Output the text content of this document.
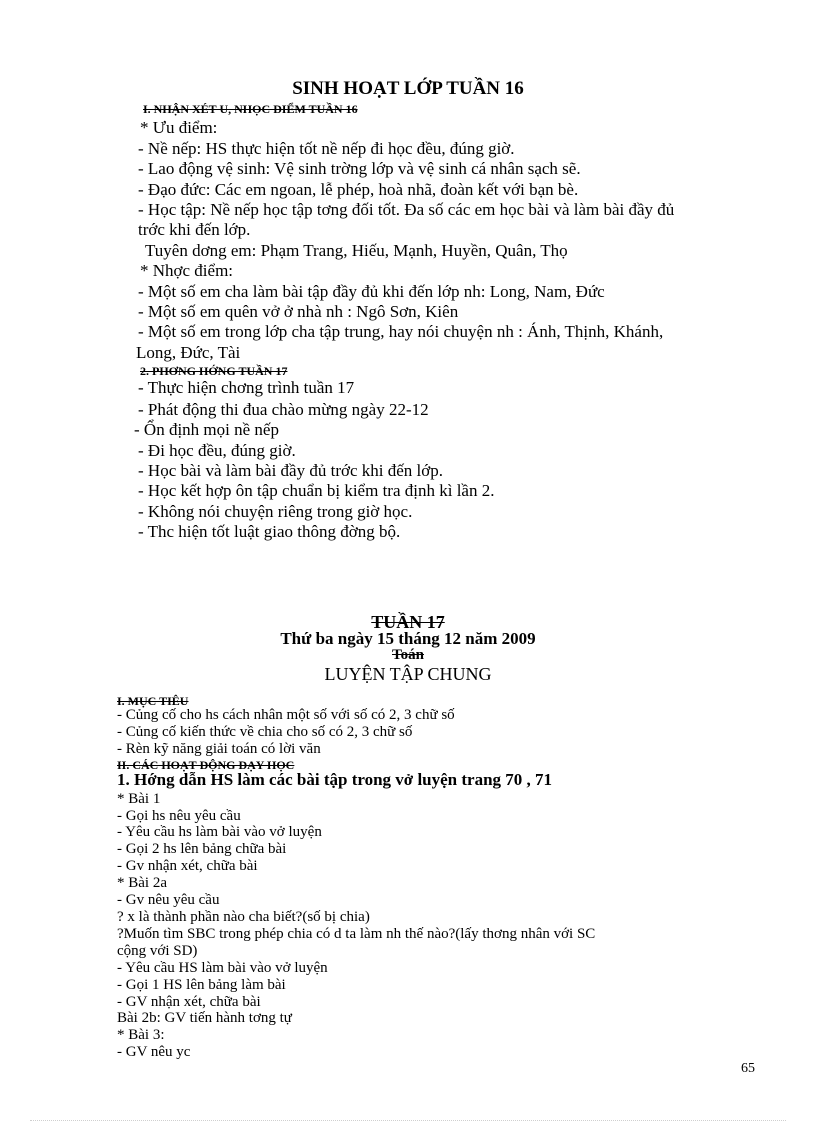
SINH HOẠT LỚP TUẦN 16
I. NHẬN XÉT U, NHỌC ĐIỂM TUẦN 16
* Ưu điểm:
- Nề nếp: HS thực hiện tốt nề nếp đi học đều, đúng giờ.
- Lao động vệ sinh: Vệ sinh trờng lớp và vệ sinh cá nhân sạch sẽ.
- Đạo đức: Các em ngoan, lễ phép, hoà nhã, đoàn kết với bạn bè.
- Học tập: Nề nếp học tập tơng đối tốt. Đa số các em học bài và làm bài đầy đủ
trớc khi đến lớp.
Tuyên dơng em: Phạm Trang, Hiếu, Mạnh, Huyền, Quân, Thọ
* Nhợc điểm:
- Một số em cha làm bài tập đầy đủ khi đến lớp nh: Long, Nam, Đức
- Một số em quên vở ở nhà nh : Ngô Sơn, Kiên
- Một số em trong lớp cha tập trung, hay nói chuyện nh : Ánh, Thịnh, Khánh,
Long, Đức, Tài
2. PHƠNG HỚNG TUẦN 17
- Thực hiện chơng trình tuần 17
- Phát động thi đua chào mừng ngày 22-12
- Ổn định mọi nề nếp
- Đi học đều, đúng giờ.
- Học bài và làm bài đầy đủ trớc khi đến lớp.
- Học kết hợp ôn tập chuẩn bị kiểm tra định kì lần 2.
- Không nói chuyện riêng trong giờ học.
- Thc hiện tốt luật giao thông đờng bộ.
TUẦN 17
Thứ ba ngày 15 tháng 12 năm 2009
Toán
LUYỆN TẬP CHUNG
I. MỤC TIÊU
- Củng cố cho hs cách nhân một số với số có 2, 3 chữ số
- Củng cố kiến thức về chia cho số có 2, 3 chữ số
- Rèn kỹ năng giải toán có lời văn
II. CÁC HOẠT ĐỘNG DẠY HỌC
1. Hớng dẫn HS làm các bài tập trong vở luyện trang 70 , 71
* Bài 1
- Gọi hs nêu yêu cầu
- Yêu cầu hs làm bài vào vở luyện
- Gọi 2 hs lên bảng chữa bài
- Gv nhận xét, chữa bài
* Bài 2a
- Gv nêu yêu cầu
? x là thành phần nào cha biết?(số bị chia)
?Muốn tìm SBC trong phép chia có d ta làm nh thế nào?(lấy thơng nhân với SC
cộng với SD)
- Yêu cầu HS làm bài vào vở luyện
- Gọi 1 HS lên bảng làm bài
- GV nhận xét, chữa bài
Bài 2b: GV tiến hành tơng tự
* Bài 3:
- GV nêu yc
65
